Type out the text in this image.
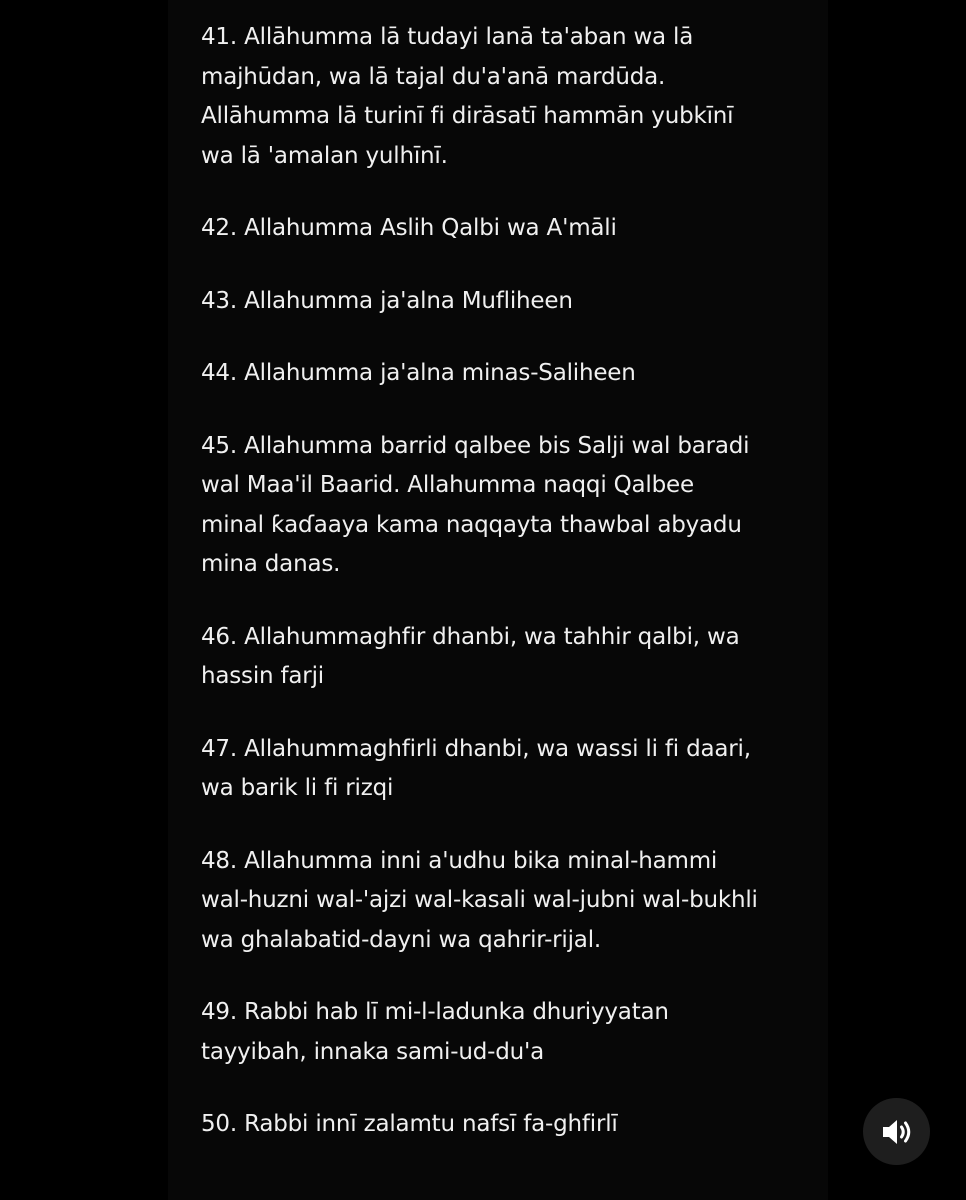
41. Allāhumma lā tudayi lanā ta'aban wa lā
majhūdan, wa lā tajal du'a'anā mardūda.
Allāhumma lā turinī fi dirāsatī hammān yubkīnī
wa lā 'amalan yulhīnī.
42. Allahumma Aslih Qalbi wa A'māli
43. Allahumma ja'alna Mufliheen
44. Allahumma ja'alna minas-Saliheen
45. Allahumma barrid qalbee bis Salji wal baradi
wal Maa'il Baarid. Allahumma naqqi Qalbee
minal ƙaɗaaya kama naqqayta thawbal abyadu
mina danas.
46. Allahummaghfir dhanbi, wa tahhir qalbi, wa
hassin farji
47. Allahummaghfirli dhanbi, wa wassi li fi daari,
wa barik li fi rizqi
48. Allahumma inni a'udhu bika minal-hammi
wal-huzni wal-'ajzi wal-kasali wal-jubni wal-bukhli
wa ghalabatid-dayni wa qahrir-rijal.
49. Rabbi hab lī mi-l-ladunka dhuriyyatan
tayyibah, innaka sami-ud-du'a
50. Rabbi innī zalamtu nafsī fa-ghfirlī
